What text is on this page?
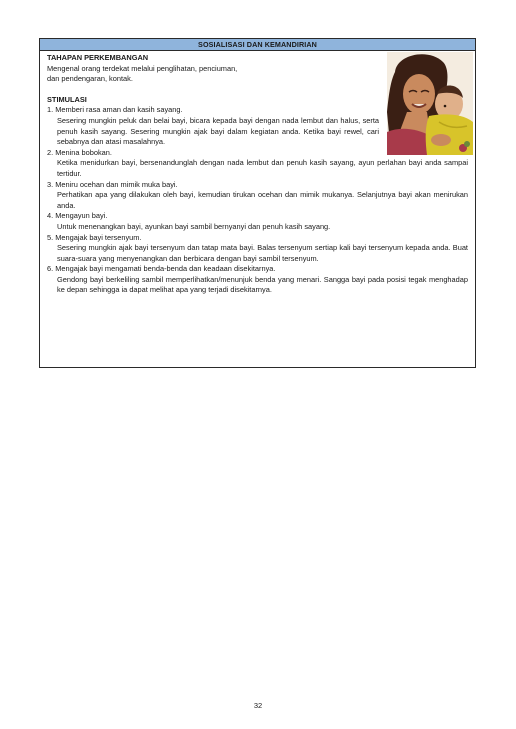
SOSIALISASI DAN KEMANDIRIAN
TAHAPAN PERKEMBANGAN
Mengenal orang terdekat melalui penglihatan, penciuman,
dan pendengaran, kontak.
STIMULASI
1. Memberi rasa aman dan kasih sayang.
Sesering mungkin peluk dan belai bayi, bicara kepada bayi dengan nada lembut dan halus, serta penuh kasih sayang. Sesering mungkin ajak bayi dalam kegiatan anda. Ketika bayi rewel, cari sebabnya dan atasi masalahnya.
2. Menina bobokan.
Ketika menidurkan bayi, bersenandunglah dengan nada lembut dan penuh kasih sayang, ayun perlahan bayi anda sampai tertidur.
3. Meniru ocehan dan mimik muka bayi.
Perhatikan apa yang dilakukan oleh bayi, kemudian tirukan ocehan dan mimik mukanya. Selanjutnya bayi akan menirukan anda.
4. Mengayun bayi.
Untuk menenangkan bayi, ayunkan bayi sambil bernyanyi dan penuh kasih sayang.
5. Mengajak bayi tersenyum.
Sesering mungkin ajak bayi tersenyum dan tatap mata bayi. Balas tersenyum sertiap kali bayi tersenyum kepada anda. Buat suara-suara yang menyenangkan dan berbicara dengan bayi sambil tersenyum.
6. Mengajak bayi mengamati benda-benda dan keadaan disekitarnya.
Gendong bayi berkeliling sambil memperlihatkan/menunjuk benda yang menari. Sangga bayi pada posisi tegak menghadap ke depan sehingga ia dapat melihat apa yang terjadi disekitarnya.
32
